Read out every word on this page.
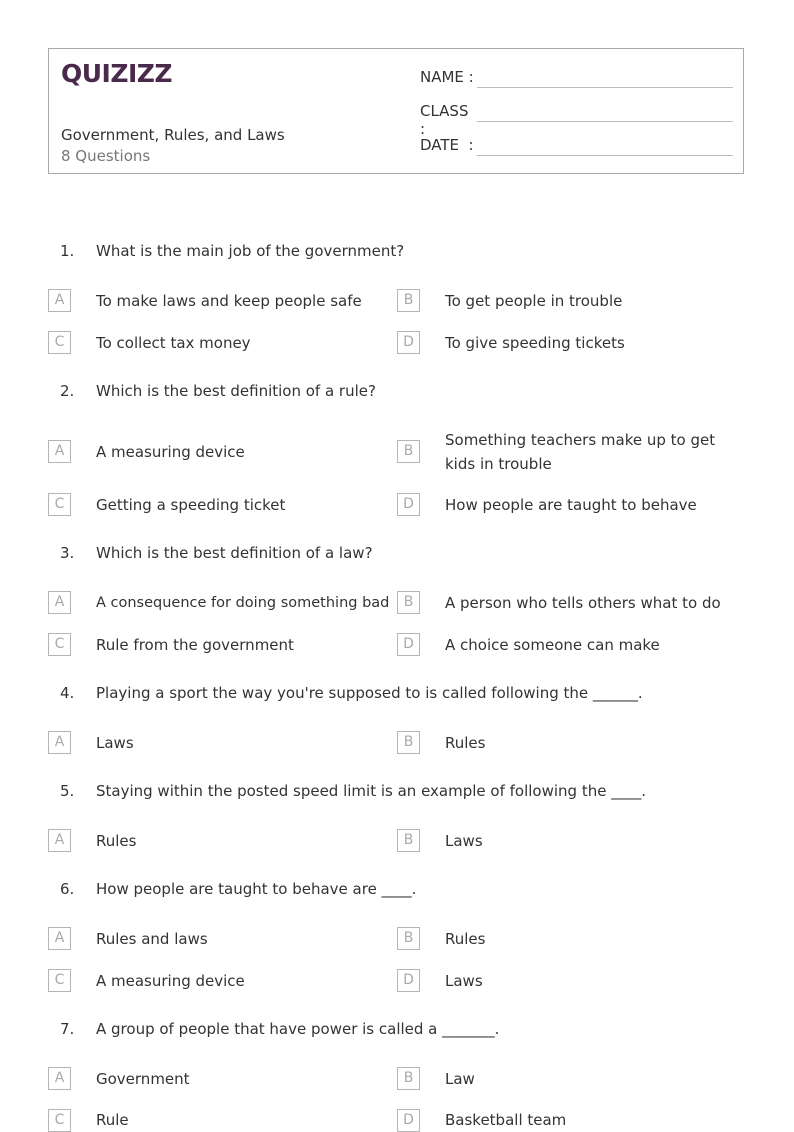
QUIZIZZ
Government, Rules, and Laws
8 Questions
NAME :
CLASS :
DATE  :
1. What is the main job of the government?
A	To make laws and keep people safe	B	To get people in trouble
C	To collect tax money	D	To give speeding tickets
2. Which is the best definition of a rule?
A	A measuring device	B
Something teachers make up to get kids in trouble
C	Getting a speeding ticket	D	How people are taught to behave
3. Which is the best definition of a law?
A	A consequence for doing something bad	B	A person who tells others what to do
C	Rule from the government	D	A choice someone can make
4. Playing a sport the way you're supposed to is called following the ______.
A	Laws	B	Rules
5. Staying within the posted speed limit is an example of following the ____.
A	Rules	B	Laws
6. How people are taught to behave are ____.
A	Rules and laws	B	Rules
C	A measuring device	D	Laws
7. A group of people that have power is called a _______.
A	Government	B	Law
C	Rule	D	Basketball team
